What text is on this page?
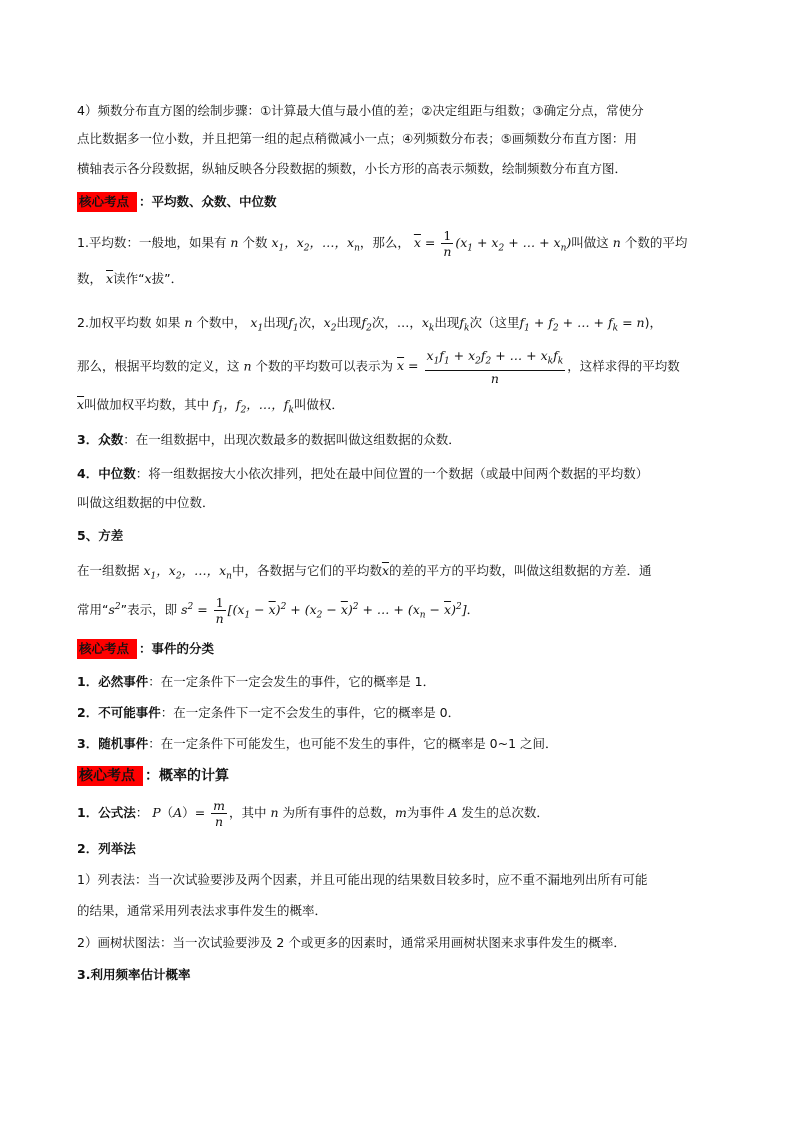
4）频数分布直方图的绘制步骤：①计算最大值与最小值的差；②决定组距与组数；③确定分点，常使分
点比数据多一位小数，并且把第一组的起点稍微减小一点；④列频数分布表；⑤画频数分布直方图：用
横轴表示各分段数据，纵轴反映各分段数据的频数，小长方形的高表示频数，绘制频数分布直方图．
核心考点 ：平均数、众数、中位数
1.平均数：一般地，如果有 n 个数 $x_1$，$x_2$，…，$x_n$，那么， $\overline{x} = \frac{1}{n} (x_1 + x_2$ + … + $x_n$)叫做这 n 个数的平均
数， $\overline{x}$读作“x拔”．
2.加权平均数 如果 n 个数中， $x_1$出现$f_1$次，$x_2$出现$f_2$次，…，$x_k$出现$f_k$次（这里$f_1 + f_2$ + … + $f_k = n$)，
那么，根据平均数的定义，这 n 个数的平均数可以表示为 $\overline{x} = \frac{x_1f_1 + x_2f_2 + \dots + x_kf_k}{n}$ ，这样求得的平均数
$\overline{x}$叫做加权平均数，其中 $f_1$，$f_2$，…，$f_k$叫做权．
3．众数：在一组数据中，出现次数最多的数据叫做这组数据的众数．
4．中位数：将一组数据按大小依次排列，把处在最中间位置的一个数据（或最中间两个数据的平均数）
叫做这组数据的中位数．
5、方差
在一组数据 $x_1$，$x_2$，…，$x_n$中，各数据与它们的平均数$\overline{x}$的差的平方的平均数，叫做这组数据的方差．通
常用“$s^2$”表示，即 $s^2 = \frac{1}{n} [(x_1 - \overline{x})^2 + (x_2 - \overline{x})^2$ + … + $(x_n - \overline{x})^2$]．
核心考点 ：事件的分类
1．必然事件：在一定条件下一定会发生的事件，它的概率是 1．
2．不可能事件：在一定条件下一定不会发生的事件，它的概率是 0．
3．随机事件：在一定条件下可能发生，也可能不发生的事件，它的概率是 0~1 之间．
核心考点 ：概率的计算
1．公式法： $P(A)= \frac{m}{n}$ ，其中 n 为所有事件的总数，m为事件 A 发生的总次数．
2．列举法
1）列表法：当一次试验要涉及两个因素，并且可能出现的结果数目较多时，应不重不漏地列出所有可能
的结果，通常采用列表法求事件发生的概率．
2）画树状图法：当一次试验要涉及 2 个或更多的因素时，通常采用画树状图来求事件发生的概率．
3.利用频率估计概率
